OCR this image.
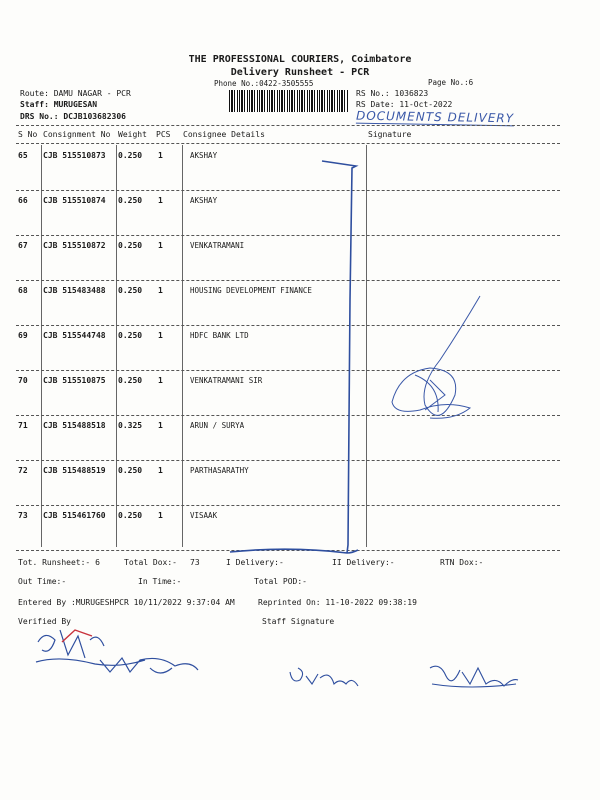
THE PROFESSIONAL COURIERS, Coimbatore
Delivery Runsheet - PCR
Phone No.:0422-3505555	Page No.:6
Route: DAMU NAGAR - PCR
Staff: MURUGESAN
DRS No.: DCJB103682306
RS No.: 1036823
RS Date: 11-Oct-2022
DOCUMENTS DELIVERY
S No Consignment No Weight PCS Consignee Details	Signature
65 CJB 515510873 0.250 1	AKSHAY
66 CJB 515510874 0.250 1	AKSHAY
67 CJB 515510872 0.250 1	VENKATRAMANI
68 CJB 515483488 0.250 1	HOUSING DEVELOPMENT FINANCE
69 CJB 515544748 0.250 1	HDFC BANK LTD
70 CJB 515510875 0.250 1	VENKATRAMANI SIR
71 CJB 515488518 0.325 1	ARUN / SURYA
72 CJB 515488519 0.250 1	PARTHASARATHY
73 CJB 515461760 0.250 1	VISAAK
Tot. Runsheet:- 6	Total Dox:- 73	I Delivery:-	II Delivery:-	RTN Dox:-
Out Time:-	In Time:-	Total POD:-
Entered By :MURUGESHPCR 10/11/2022 9:37:04 AM	Reprinted On: 11-10-2022 09:38:19
Verified By	Staff Signature
